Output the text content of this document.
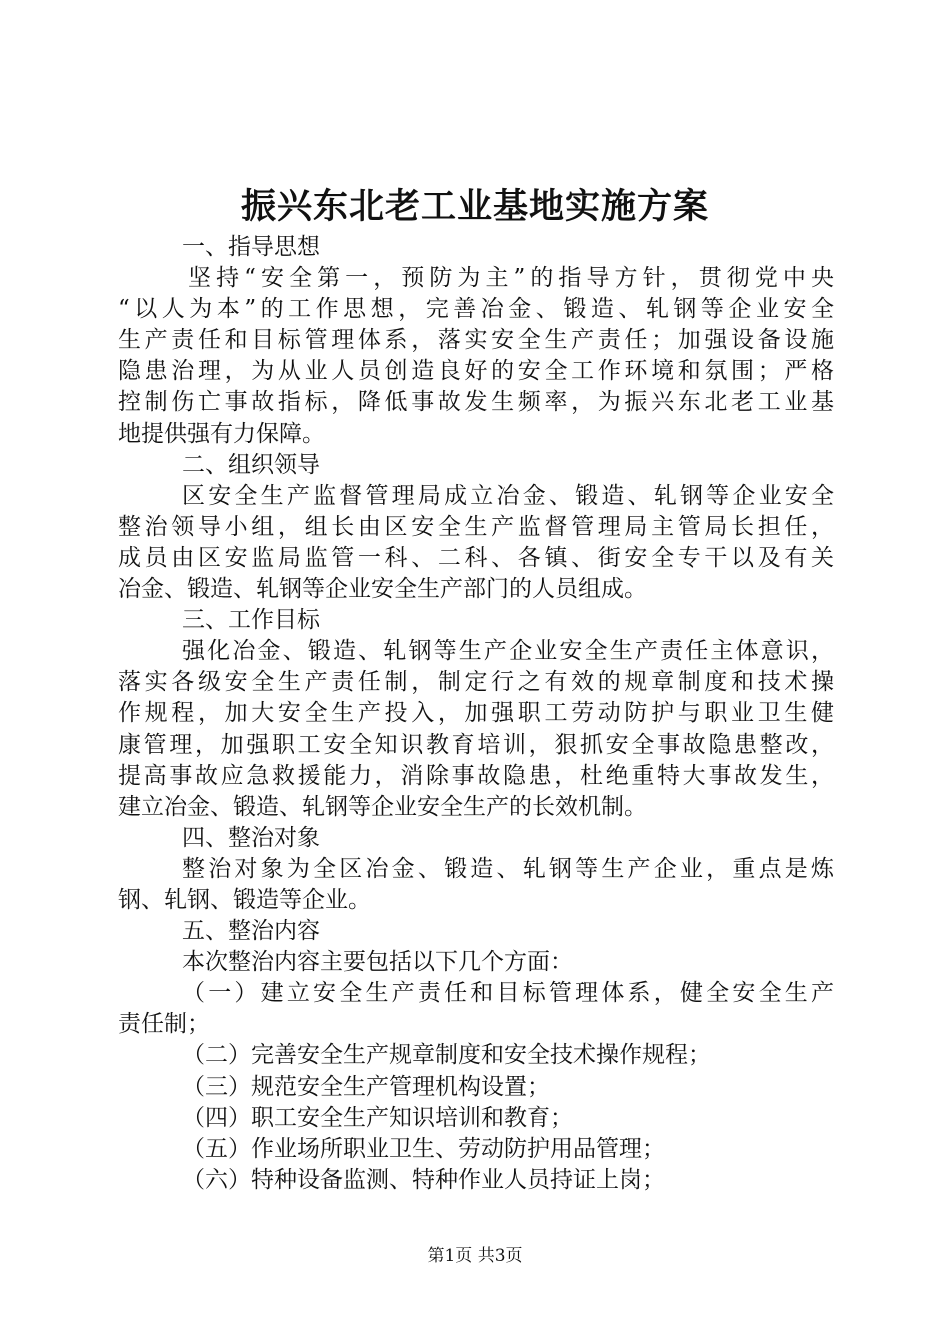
振兴东北老工业基地实施方案
一、指导思想
坚持“安全第一，预防为主”的指导方针，贯彻党中央
“以人为本”的工作思想，完善冶金、锻造、轧钢等企业安全
生产责任和目标管理体系，落实安全生产责任；加强设备设施
隐患治理，为从业人员创造良好的安全工作环境和氛围；严格
控制伤亡事故指标，降低事故发生频率，为振兴东北老工业基
地提供强有力保障。
二、组织领导
区安全生产监督管理局成立冶金、锻造、轧钢等企业安全
整治领导小组，组长由区安全生产监督管理局主管局长担任，
成员由区安监局监管一科、二科、各镇、街安全专干以及有关
冶金、锻造、轧钢等企业安全生产部门的人员组成。
三、工作目标
强化冶金、锻造、轧钢等生产企业安全生产责任主体意识，
落实各级安全生产责任制，制定行之有效的规章制度和技术操
作规程，加大安全生产投入，加强职工劳动防护与职业卫生健
康管理，加强职工安全知识教育培训，狠抓安全事故隐患整改，
提高事故应急救援能力，消除事故隐患，杜绝重特大事故发生，
建立冶金、锻造、轧钢等企业安全生产的长效机制。
四、整治对象
整治对象为全区冶金、锻造、轧钢等生产企业，重点是炼
钢、轧钢、锻造等企业。
五、整治内容
本次整治内容主要包括以下几个方面：
（一）建立安全生产责任和目标管理体系，健全安全生产
责任制；
（二）完善安全生产规章制度和安全技术操作规程；
（三）规范安全生产管理机构设置；
（四）职工安全生产知识培训和教育；
（五）作业场所职业卫生、劳动防护用品管理；
（六）特种设备监测、特种作业人员持证上岗；
第1页 共3页
